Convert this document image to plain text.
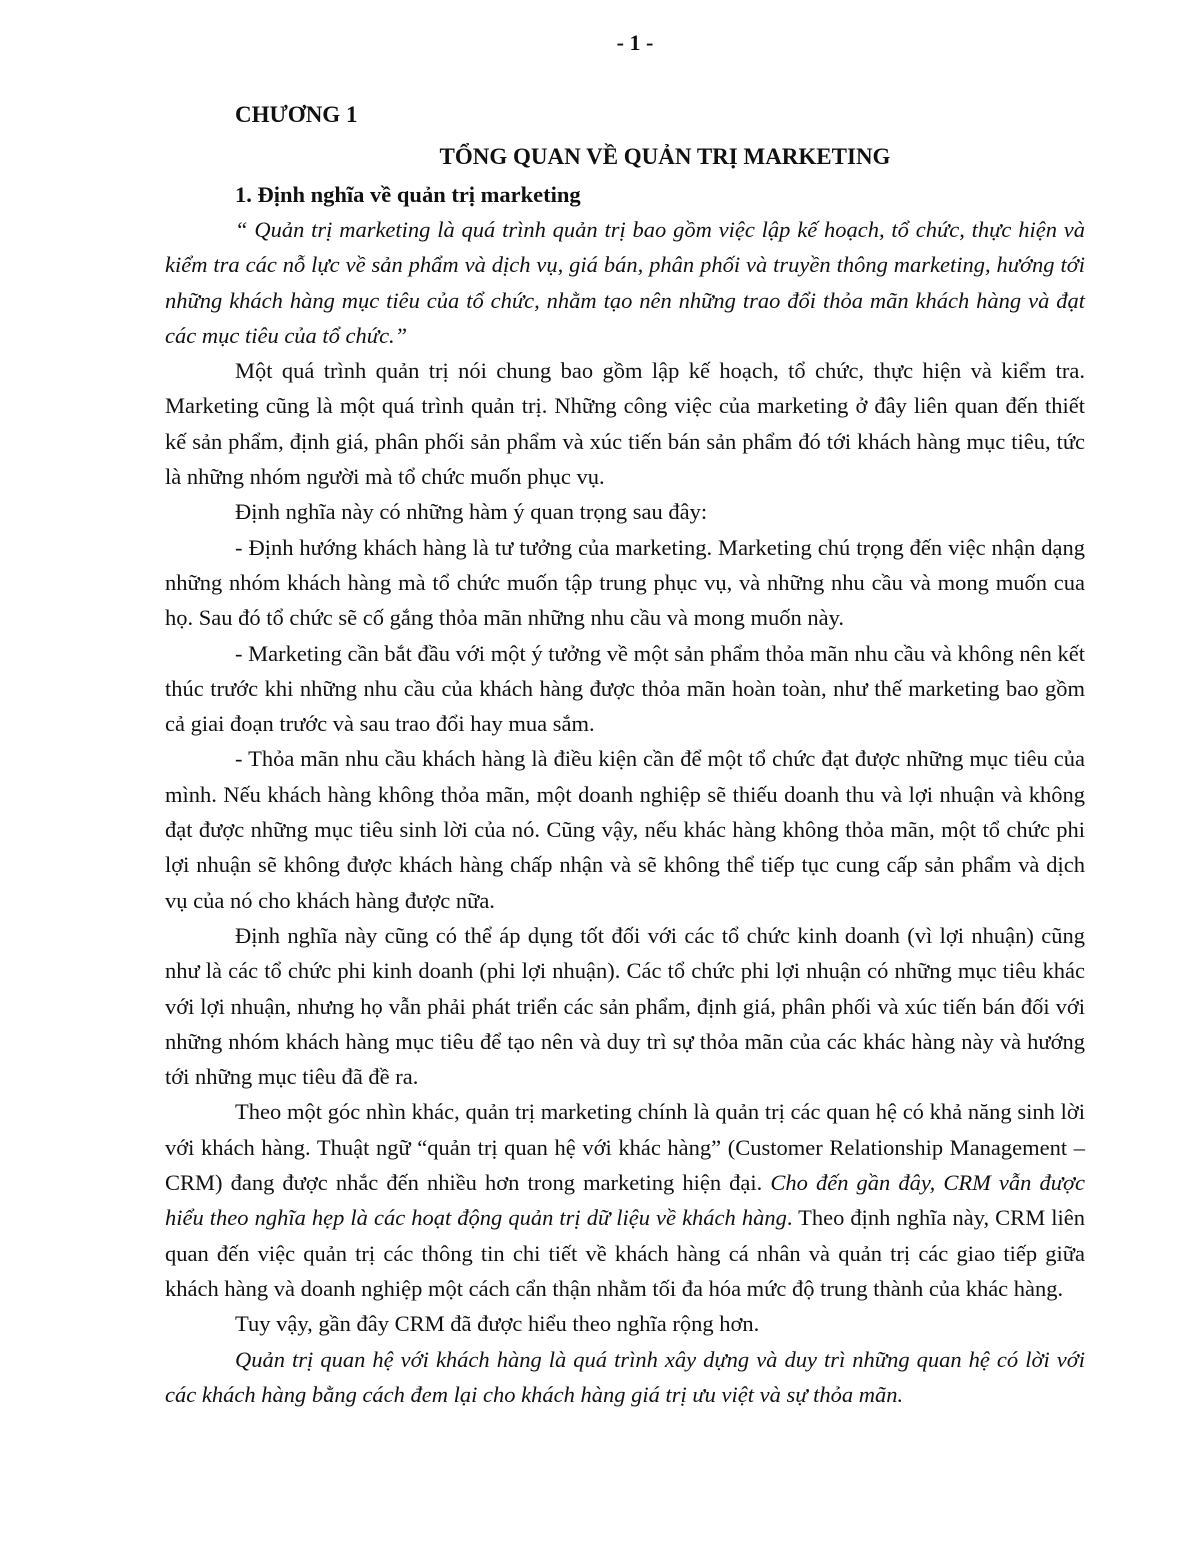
- 1 -
CHƯƠNG 1
TỔNG QUAN VỀ QUẢN TRỊ MARKETING
1. Định nghĩa về quản trị marketing

“ Quản trị marketing là quá trình quản trị bao gồm việc lập kế hoạch, tổ chức, thực hiện và kiểm tra các nỗ lực về sản phẩm và dịch vụ, giá bán, phân phối và truyền thông marketing, hướng tới những khách hàng mục tiêu của tổ chức, nhằm tạo nên những trao đổi thỏa mãn khách hàng và đạt các mục tiêu của tổ chức.”

Một quá trình quản trị nói chung bao gồm lập kế hoạch, tổ chức, thực hiện và kiểm tra. Marketing cũng là một quá trình quản trị. Những công việc của marketing ở đây liên quan đến thiết kế sản phẩm, định giá, phân phối sản phẩm và xúc tiến bán sản phẩm đó tới khách hàng mục tiêu, tức là những nhóm người mà tổ chức muốn phục vụ.

Định nghĩa này có những hàm ý quan trọng sau đây:

- Định hướng khách hàng là tư tưởng của marketing. Marketing chú trọng đến việc nhận dạng những nhóm khách hàng mà tổ chức muốn tập trung phục vụ, và những nhu cầu và mong muốn cua họ. Sau đó tổ chức sẽ cố gắng thỏa mãn những nhu cầu và mong muốn này.

- Marketing cần bắt đầu với một ý tưởng về một sản phẩm thỏa mãn nhu cầu và không nên kết thúc trước khi những nhu cầu của khách hàng được thỏa mãn hoàn toàn, như thế marketing bao gồm cả giai đoạn trước và sau trao đổi hay mua sắm.

- Thỏa mãn nhu cầu khách hàng là điều kiện cần để một tổ chức đạt được những mục tiêu của mình. Nếu khách hàng không thỏa mãn, một doanh nghiệp sẽ thiếu doanh thu và lợi nhuận và không đạt được những mục tiêu sinh lời của nó. Cũng vậy, nếu khác hàng không thỏa mãn, một tổ chức phi lợi nhuận sẽ không được khách hàng chấp nhận và sẽ không thể tiếp tục cung cấp sản phẩm và dịch vụ của nó cho khách hàng được nữa.

Định nghĩa này cũng có thể áp dụng tốt đối với các tổ chức kinh doanh (vì lợi nhuận) cũng như là các tổ chức phi kinh doanh (phi lợi nhuận). Các tổ chức phi lợi nhuận có những mục tiêu khác với lợi nhuận, nhưng họ vẫn phải phát triển các sản phẩm, định giá, phân phối và xúc tiến bán đối với những nhóm khách hàng mục tiêu để tạo nên và duy trì sự thỏa mãn của các khác hàng này và hướng tới những mục tiêu đã đề ra.

Theo một góc nhìn khác, quản trị marketing chính là quản trị các quan hệ có khả năng sinh lời với khách hàng. Thuật ngữ “quản trị quan hệ với khác hàng” (Customer Relationship Management – CRM) đang được nhắc đến nhiều hơn trong marketing hiện đại. Cho đến gần đây, CRM vẫn được hiểu theo nghĩa hẹp là các hoạt động quản trị dữ liệu về khách hàng. Theo định nghĩa này, CRM liên quan đến việc quản trị các thông tin chi tiết về khách hàng cá nhân và quản trị các giao tiếp giữa khách hàng và doanh nghiệp một cách cẩn thận nhằm tối đa hóa mức độ trung thành của khác hàng.

Tuy vậy, gần đây CRM đã được hiểu theo nghĩa rộng hơn.

Quản trị quan hệ với khách hàng là quá trình xây dựng và duy trì những quan hệ có lời với các khách hàng bằng cách đem lại cho khách hàng giá trị ưu việt và sự thỏa mãn.
